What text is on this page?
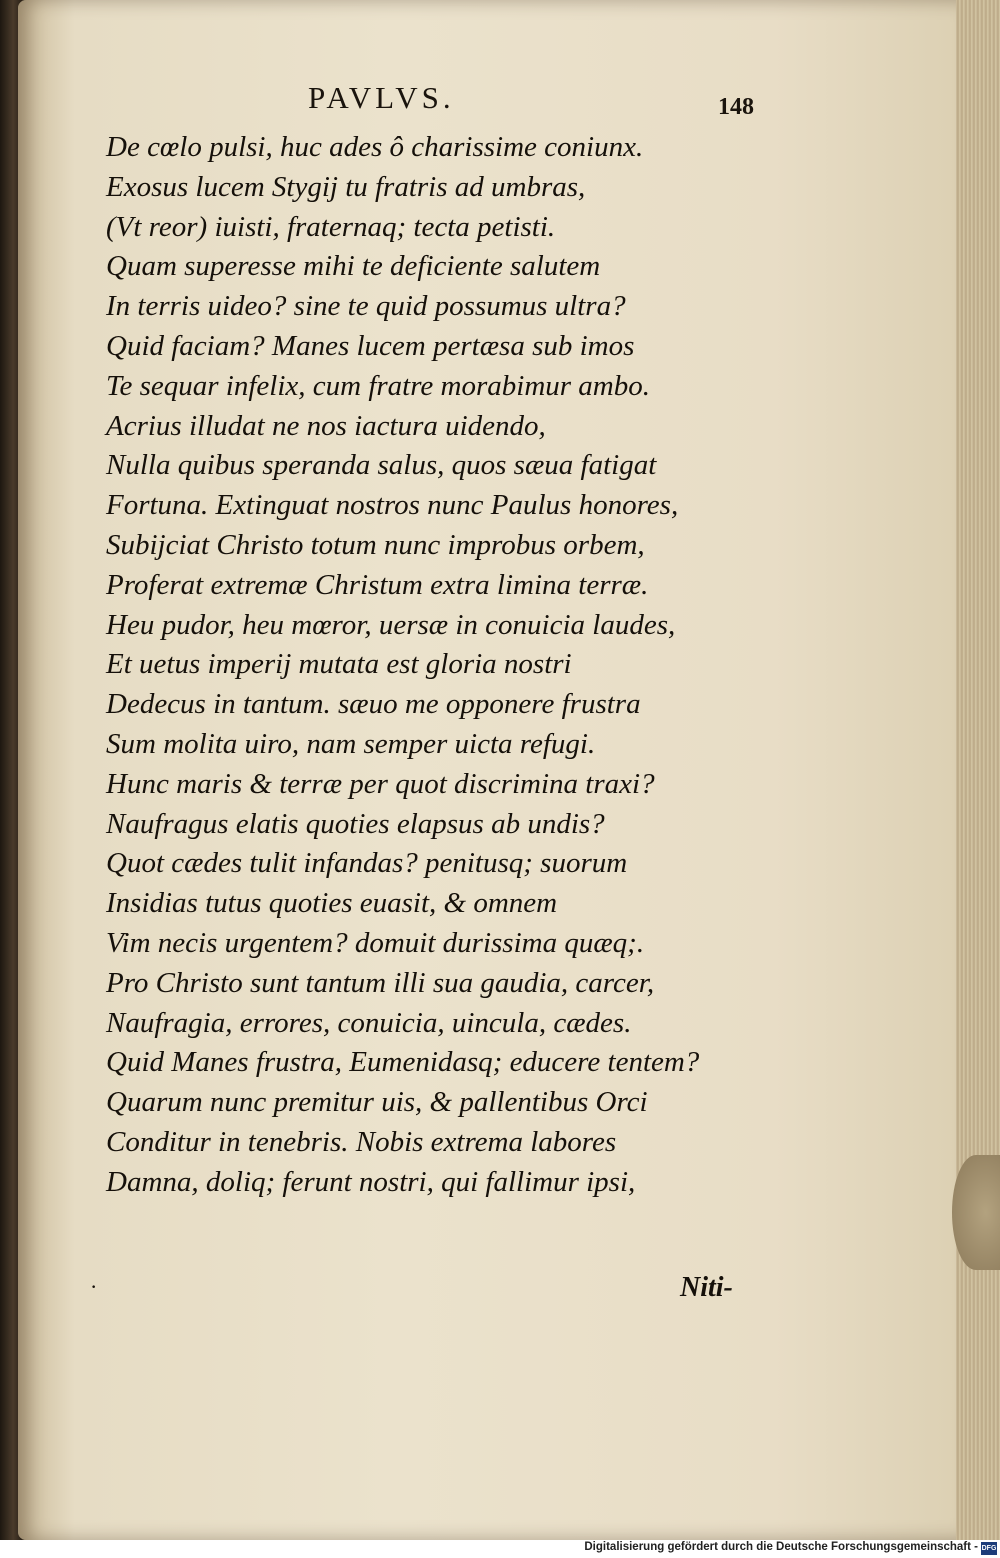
PAVLVS.	148
De cœlo pulsi, huc ades ô charissime coniunx.
Exosus lucem Stygij tu fratris ad umbras,
(Vt reor) iuisti, fraternaq; tecta petisti.
Quam superesse mihi te deficiente salutem
In terris uideo? sine te quid possumus ultra?
Quid faciam? Manes lucem pertæsa sub imos
Te sequar infelix, cum fratre morabimur ambo.
Acrius illudat ne nos iactura uidendo,
Nulla quibus speranda salus, quos sæua fatigat
Fortuna. Extinguat nostros nunc Paulus honores,
Subijciat Christo totum nunc improbus orbem,
Proferat extremæ Christum extra limina terræ.
Heu pudor, heu mœror, uersæ in conuicia laudes,
Et uetus imperij mutata est gloria nostri
Dedecus in tantum. sæuo me opponere frustra
Sum molita uiro, nam semper uicta refugi.
Hunc maris & terræ per quot discrimina traxi?
Naufragus elatis quoties elapsus ab undis?
Quot cædes tulit infandas? penitusq; suorum
Insidias tutus quoties euasit, & omnem
Vim necis urgentem? domuit durissima quæq;.
Pro Christo sunt tantum illi sua gaudia, carcer,
Naufragia, errores, conuicia, uincula, cædes.
Quid Manes frustra, Eumenidasq; educere tentem?
Quarum nunc premitur uis, & pallentibus Orci
Conditur in tenebris. Nobis extrema labores
Damna, doliq; ferunt nostri, qui fallimur ipsi,
·	Niti-
Digitalisierung gefördert durch die Deutsche Forschungsgemeinschaft - DFG
